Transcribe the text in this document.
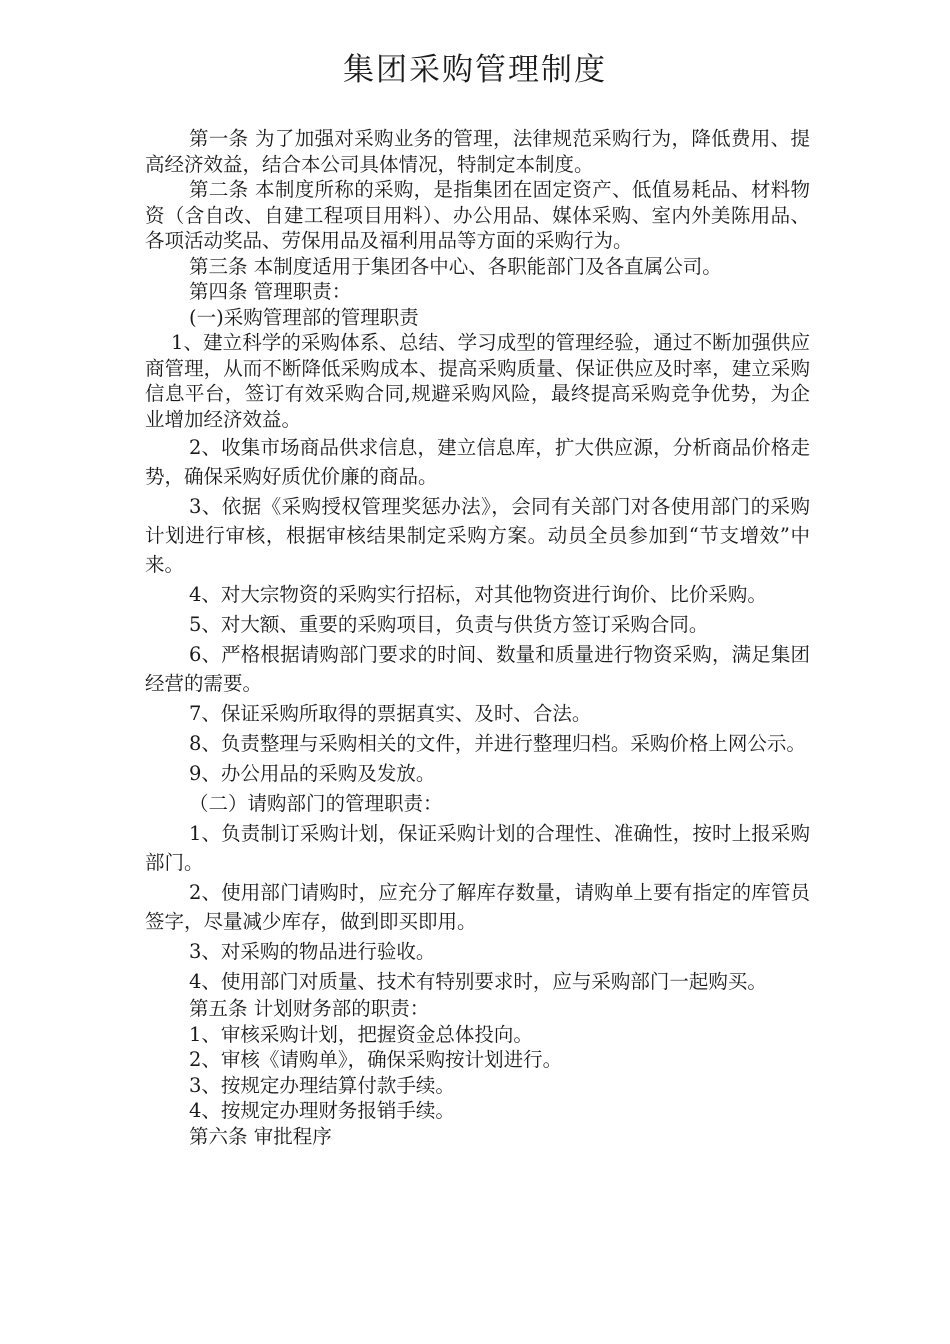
集团采购管理制度

第一条 为了加强对采购业务的管理，法律规范采购行为，降低费用、提高经济效益，结合本公司具体情况，特制定本制度。

第二条 本制度所称的采购，是指集团在固定资产、低值易耗品、材料物资（含自改、自建工程项目用料）、办公用品、媒体采购、室内外美陈用品、各项活动奖品、劳保用品及福利用品等方面的采购行为。

第三条 本制度适用于集团各中心、各职能部门及各直属公司。

第四条 管理职责：

(一)采购管理部的管理职责

1、建立科学的采购体系、总结、学习成型的管理经验，通过不断加强供应商管理，从而不断降低采购成本、提高采购质量、保证供应及时率，建立采购信息平台，签订有效采购合同,规避采购风险，最终提高采购竞争优势，为企业增加经济效益。

2、收集市场商品供求信息，建立信息库，扩大供应源，分析商品价格走势，确保采购好质优价廉的商品。

3、依据《采购授权管理奖惩办法》，会同有关部门对各使用部门的采购计划进行审核，根据审核结果制定采购方案。动员全员参加到“节支增效”中来。

4、对大宗物资的采购实行招标，对其他物资进行询价、比价采购。

5、对大额、重要的采购项目，负责与供货方签订采购合同。

6、严格根据请购部门要求的时间、数量和质量进行物资采购，满足集团经营的需要。

7、保证采购所取得的票据真实、及时、合法。

8、负责整理与采购相关的文件，并进行整理归档。采购价格上网公示。

9、办公用品的采购及发放。

（二）请购部门的管理职责：

1、负责制订采购计划，保证采购计划的合理性、准确性，按时上报采购部门。

2、使用部门请购时，应充分了解库存数量，请购单上要有指定的库管员签字，尽量减少库存，做到即买即用。

3、对采购的物品进行验收。

4、使用部门对质量、技术有特别要求时，应与采购部门一起购买。

第五条 计划财务部的职责：

1、审核采购计划，把握资金总体投向。

2、审核《请购单》，确保采购按计划进行。

3、按规定办理结算付款手续。

4、按规定办理财务报销手续。

第六条 审批程序
